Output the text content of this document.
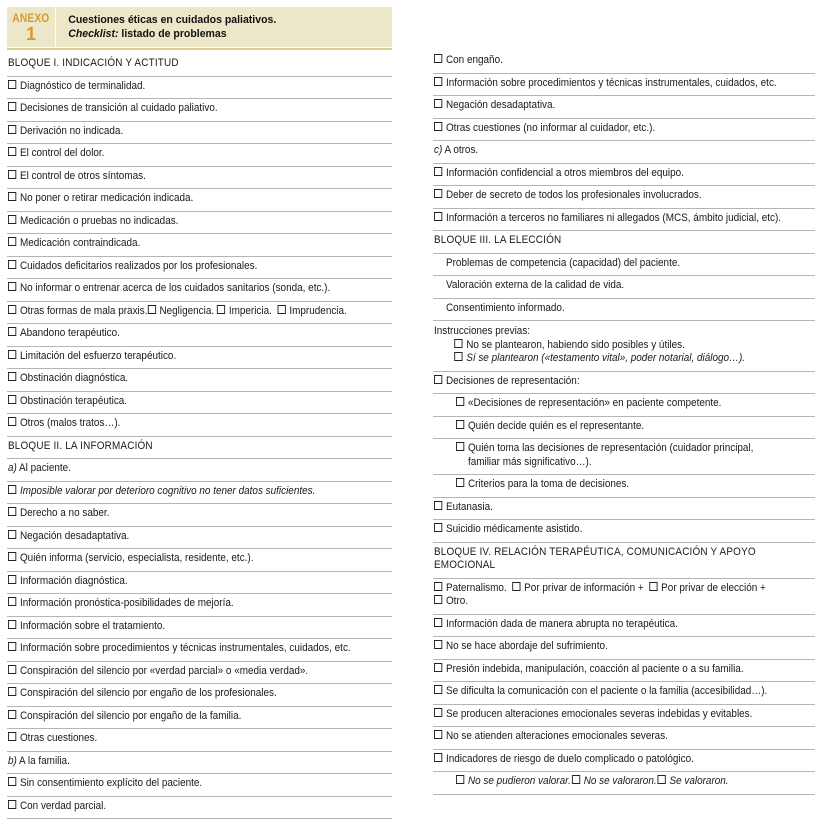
ANEXO
1
Cuestiones éticas en cuidados paliativos.
Checklist: listado de problemas
BLOQUE I. INDICACIÓN Y ACTITUD
Diagnóstico de terminalidad.
Decisiones de transición al cuidado paliativo.
Derivación no indicada.
El control del dolor.
El control de otros síntomas.
No poner o retirar medicación indicada.
Medicación o pruebas no indicadas.
Medicación contraindicada.
Cuidados deficitarios realizados por los profesionales.
No informar o entrenar acerca de los cuidados sanitarios (sonda, etc.).
Otras formas de mala praxis. Negligencia. Impericia. Imprudencia.
Abandono terapéutico.
Limitación del esfuerzo terapéutico.
Obstinación diagnóstica.
Obstinación terapéutica.
Otros (malos tratos…).
BLOQUE II. LA INFORMACIÓN
a) Al paciente.
Imposible valorar por deterioro cognitivo no tener datos suficientes.
Derecho a no saber.
Negación desadaptativa.
Quién informa (servicio, especialista, residente, etc.).
Información diagnóstica.
Información pronóstica-posibilidades de mejoría.
Información sobre el tratamiento.
Información sobre procedimientos y técnicas instrumentales, cuidados, etc.
Conspiración del silencio por «verdad parcial» o «media verdad».
Conspiración del silencio por engaño de los profesionales.
Conspiración del silencio por engaño de la familia.
Otras cuestiones.
b) A la familia.
Sin consentimiento explícito del paciente.
Con verdad parcial.
Con engaño.
Información sobre procedimientos y técnicas instrumentales, cuidados, etc.
Negación desadaptativa.
Otras cuestiones (no informar al cuidador, etc.).
c) A otros.
Información confidencial a otros miembros del equipo.
Deber de secreto de todos los profesionales involucrados.
Información a terceros no familiares ni allegados (MCS, ámbito judicial, etc).
BLOQUE III. LA ELECCIÓN
Problemas de competencia (capacidad) del paciente.
Valoración externa de la calidad de vida.
Consentimiento informado.
Instrucciones previas:
No se plantearon, habiendo sido posibles y útiles.
Sí se plantearon («testamento vital», poder notarial, diálogo…).
Decisiones de representación:
«Decisiones de representación» en paciente competente.
Quién decide quién es el representante.
Quién toma las decisiones de representación (cuidador principal,
familiar más significativo…).
Criterios para la toma de decisiones.
Eutanasia.
Suicidio médicamente asistido.
BLOQUE IV. RELACIÓN TERAPÉUTICA, COMUNICACIÓN Y APOYO
EMOCIONAL
Paternalismo. Por privar de información + Por privar de elección +
Otro.
Información dada de manera abrupta no terapéutica.
No se hace abordaje del sufrimiento.
Presión indebida, manipulación, coacción al paciente o a su familia.
Se dificulta la comunicación con el paciente o la familia (accesibilidad…).
Se producen alteraciones emocionales severas indebidas y evitables.
No se atienden alteraciones emocionales severas.
Indicadores de riesgo de duelo complicado o patológico.
No se pudieron valorar. No se valoraron. Se valoraron.
